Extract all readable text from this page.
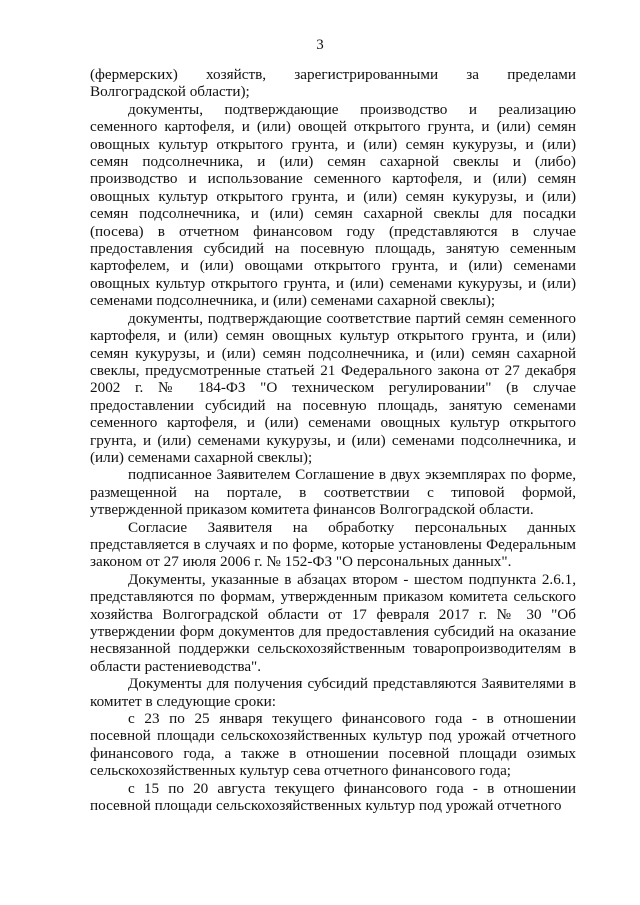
3

(фермерских) хозяйств, зарегистрированными за пределами Волгоградской области);

документы, подтверждающие производство и реализацию семенного картофеля, и (или) овощей открытого грунта, и (или) семян овощных культур открытого грунта, и (или) семян кукурузы, и (или) семян подсолнечника, и (или) семян сахарной свеклы и (либо) производство и использование семенного картофеля, и (или) семян овощных культур открытого грунта, и (или) семян кукурузы, и (или) семян подсолнечника, и (или) семян сахарной свеклы для посадки (посева) в отчетном финансовом году (представляются в случае предоставления субсидий на посевную площадь, занятую семенным картофелем, и (или) овощами открытого грунта, и (или) семенами овощных культур открытого грунта, и (или) семенами кукурузы, и (или) семенами подсолнечника, и (или) семенами сахарной свеклы);

документы, подтверждающие соответствие партий семян семенного картофеля, и (или) семян овощных культур открытого грунта, и (или) семян кукурузы, и (или) семян подсолнечника, и (или) семян сахарной свеклы, предусмотренные статьей 21 Федерального закона от 27 декабря 2002 г. № 184-ФЗ "О техническом регулировании" (в случае предоставлении субсидий на посевную площадь, занятую семенами семенного картофеля, и (или) семенами овощных культур открытого грунта, и (или) семенами кукурузы, и (или) семенами подсолнечника, и (или) семенами сахарной свеклы);

подписанное Заявителем Соглашение в двух экземплярах по форме, размещенной на портале, в соответствии с типовой формой, утвержденной приказом комитета финансов Волгоградской области.

Согласие Заявителя на обработку персональных данных представляется в случаях и по форме, которые установлены Федеральным законом от 27 июля 2006 г. № 152-ФЗ "О персональных данных".

Документы, указанные в абзацах втором - шестом подпункта 2.6.1, представляются по формам, утвержденным приказом комитета сельского хозяйства Волгоградской области от 17 февраля 2017 г. № 30 "Об утверждении форм документов для предоставления субсидий на оказание несвязанной поддержки сельскохозяйственным товаропроизводителям в области растениеводства".

Документы для получения субсидий представляются Заявителями в комитет в следующие сроки:

с 23 по 25 января текущего финансового года - в отношении посевной площади сельскохозяйственных культур под урожай отчетного финансового года, а также в отношении посевной площади озимых сельскохозяйственных культур сева отчетного финансового года;

с 15 по 20 августа текущего финансового года - в отношении посевной площади сельскохозяйственных культур под урожай отчетного
